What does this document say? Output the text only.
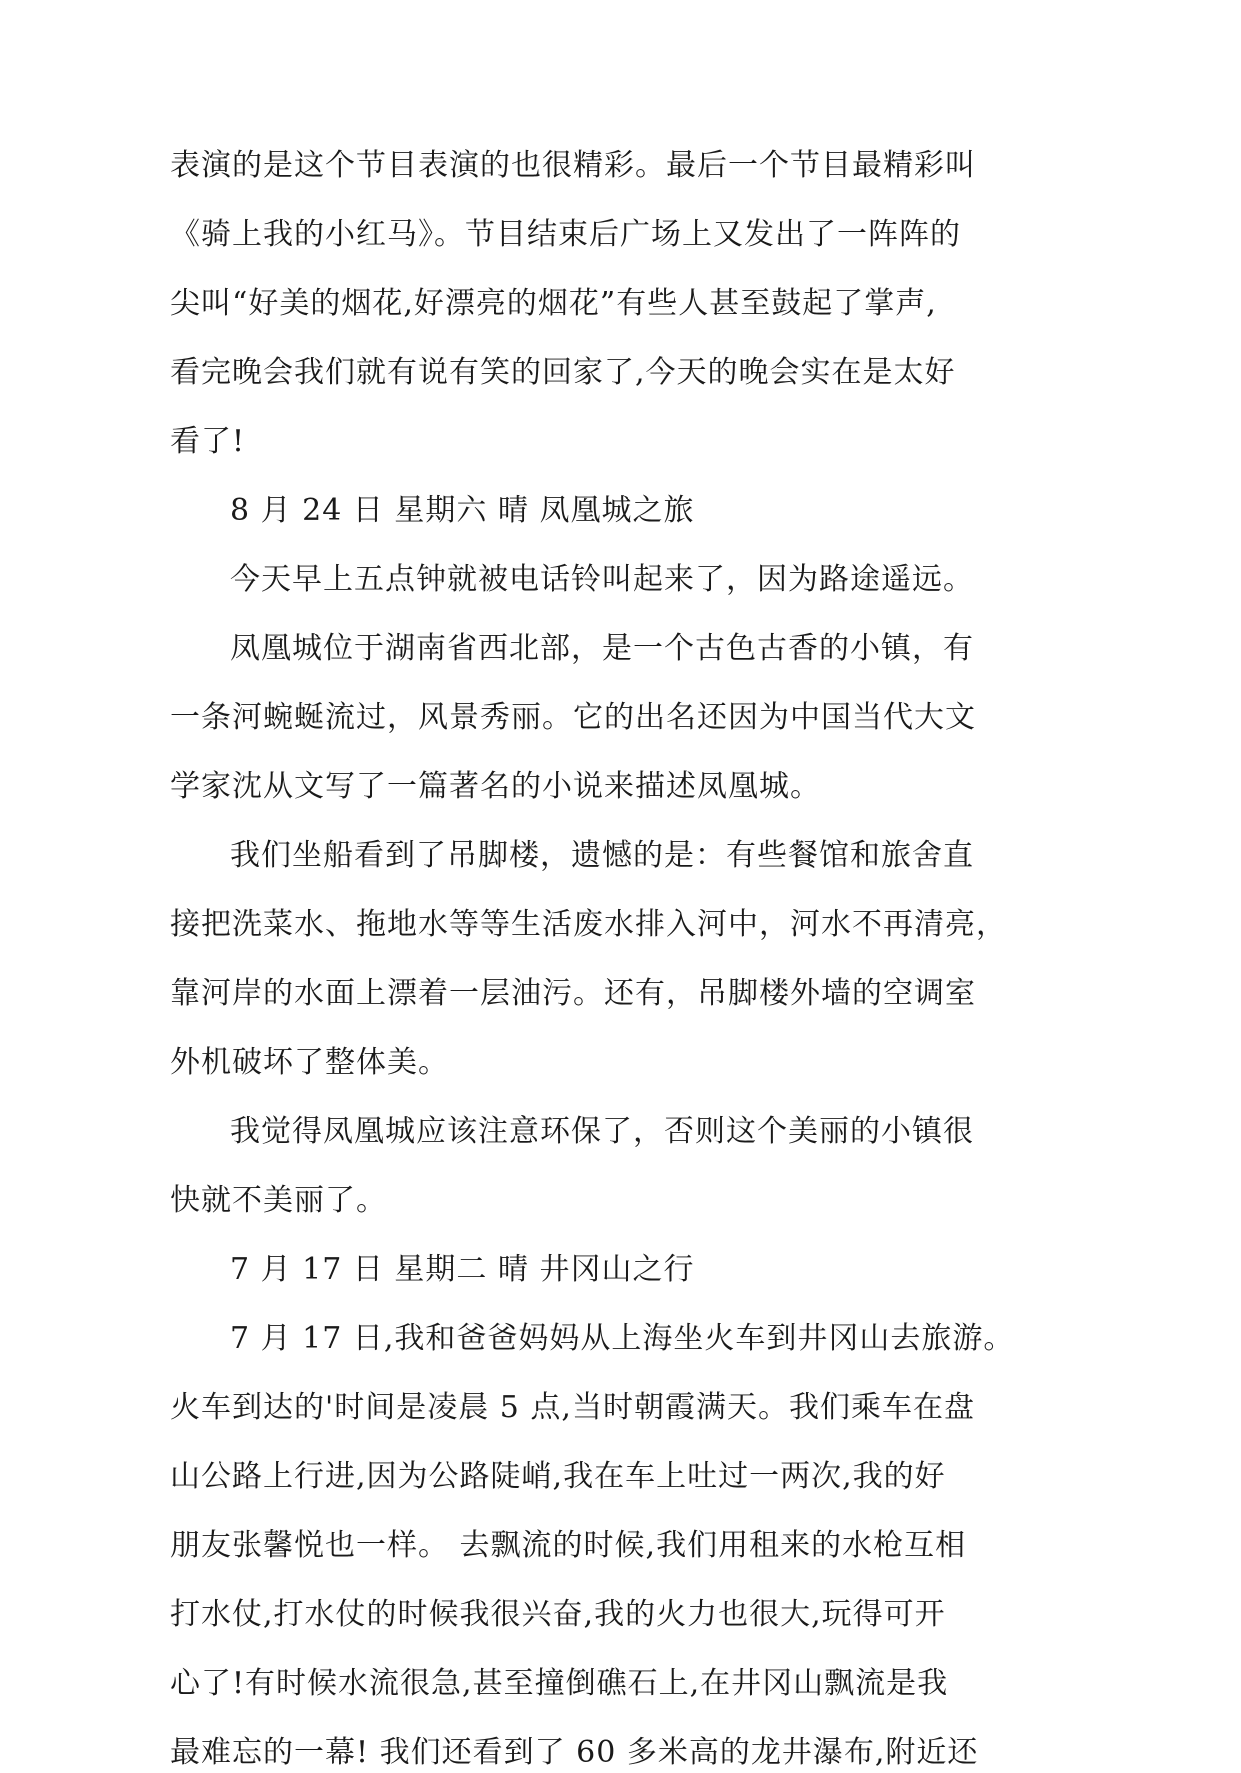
表演的是这个节目表演的也很精彩。最后一个节目最精彩叫
《骑上我的小红马》。节目结束后广场上又发出了一阵阵的
尖叫“好美的烟花,好漂亮的烟花”有些人甚至鼓起了掌声,
看完晚会我们就有说有笑的回家了,今天的晚会实在是太好
看了!
8 月 24 日 星期六 晴 凤凰城之旅
今天早上五点钟就被电话铃叫起来了，因为路途遥远。
凤凰城位于湖南省西北部，是一个古色古香的小镇，有
一条河蜿蜒流过，风景秀丽。它的出名还因为中国当代大文
学家沈从文写了一篇著名的小说来描述凤凰城。
我们坐船看到了吊脚楼，遗憾的是：有些餐馆和旅舍直
接把洗菜水、拖地水等等生活废水排入河中，河水不再清亮，
靠河岸的水面上漂着一层油污。还有，吊脚楼外墙的空调室
外机破坏了整体美。
我觉得凤凰城应该注意环保了，否则这个美丽的小镇很
快就不美丽了。
7 月 17 日 星期二 晴 井冈山之行
7 月 17 日,我和爸爸妈妈从上海坐火车到井冈山去旅游。
火车到达的'时间是凌晨 5 点,当时朝霞满天。我们乘车在盘
山公路上行进,因为公路陡峭,我在车上吐过一两次,我的好
朋友张馨悦也一样。 去飘流的时候,我们用租来的水枪互相
打水仗,打水仗的时候我很兴奋,我的火力也很大,玩得可开
心了!有时候水流很急,甚至撞倒礁石上,在井冈山飘流是我
最难忘的一幕! 我们还看到了 60 多米高的龙井瀑布,附近还
